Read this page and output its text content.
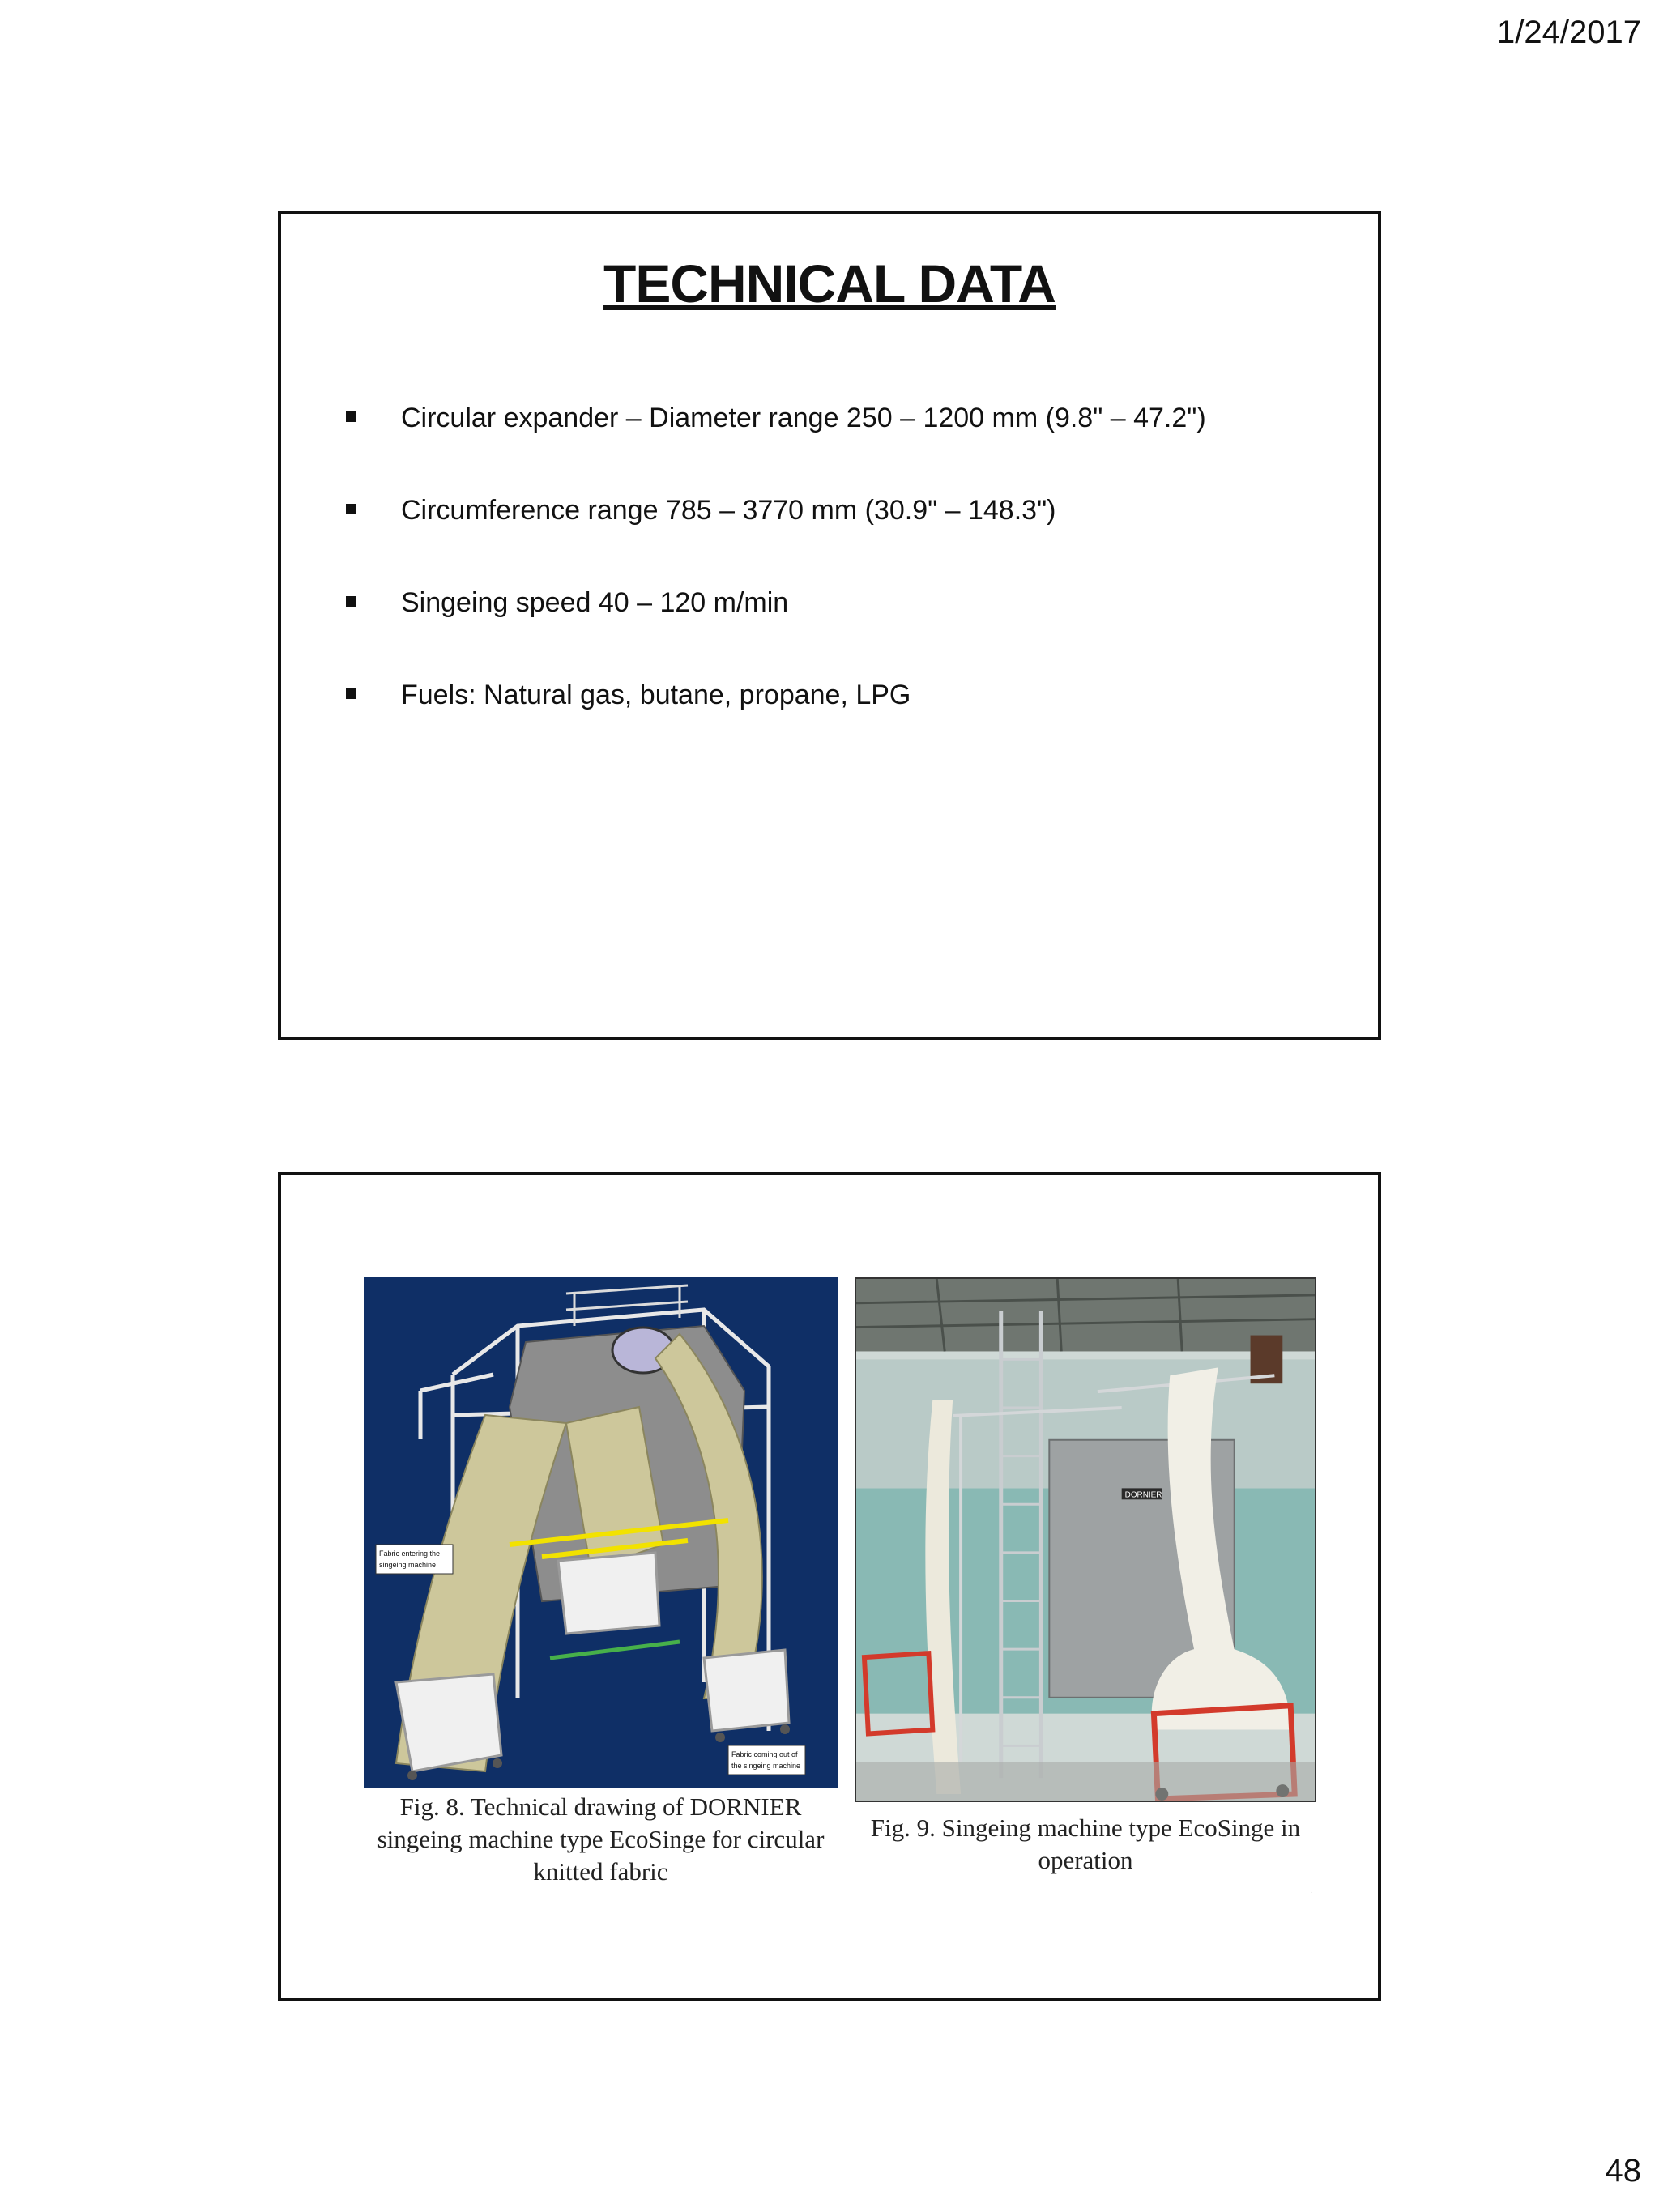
1/24/2017
TECHNICAL DATA
Circular expander – Diameter range 250 – 1200 mm (9.8" – 47.2")
Circumference range 785 – 3770 mm (30.9" – 148.3")
Singeing speed 40 – 120 m/min
Fuels: Natural gas, butane, propane, LPG
Fabric entering the
singeing machine
Fabric coming out of
the singeing machine
Fig. 8. Technical drawing of DORNIER singeing machine type EcoSinge for circular knitted fabric
DORNIER
Fig. 9. Singeing machine type EcoSinge in operation
·
48
